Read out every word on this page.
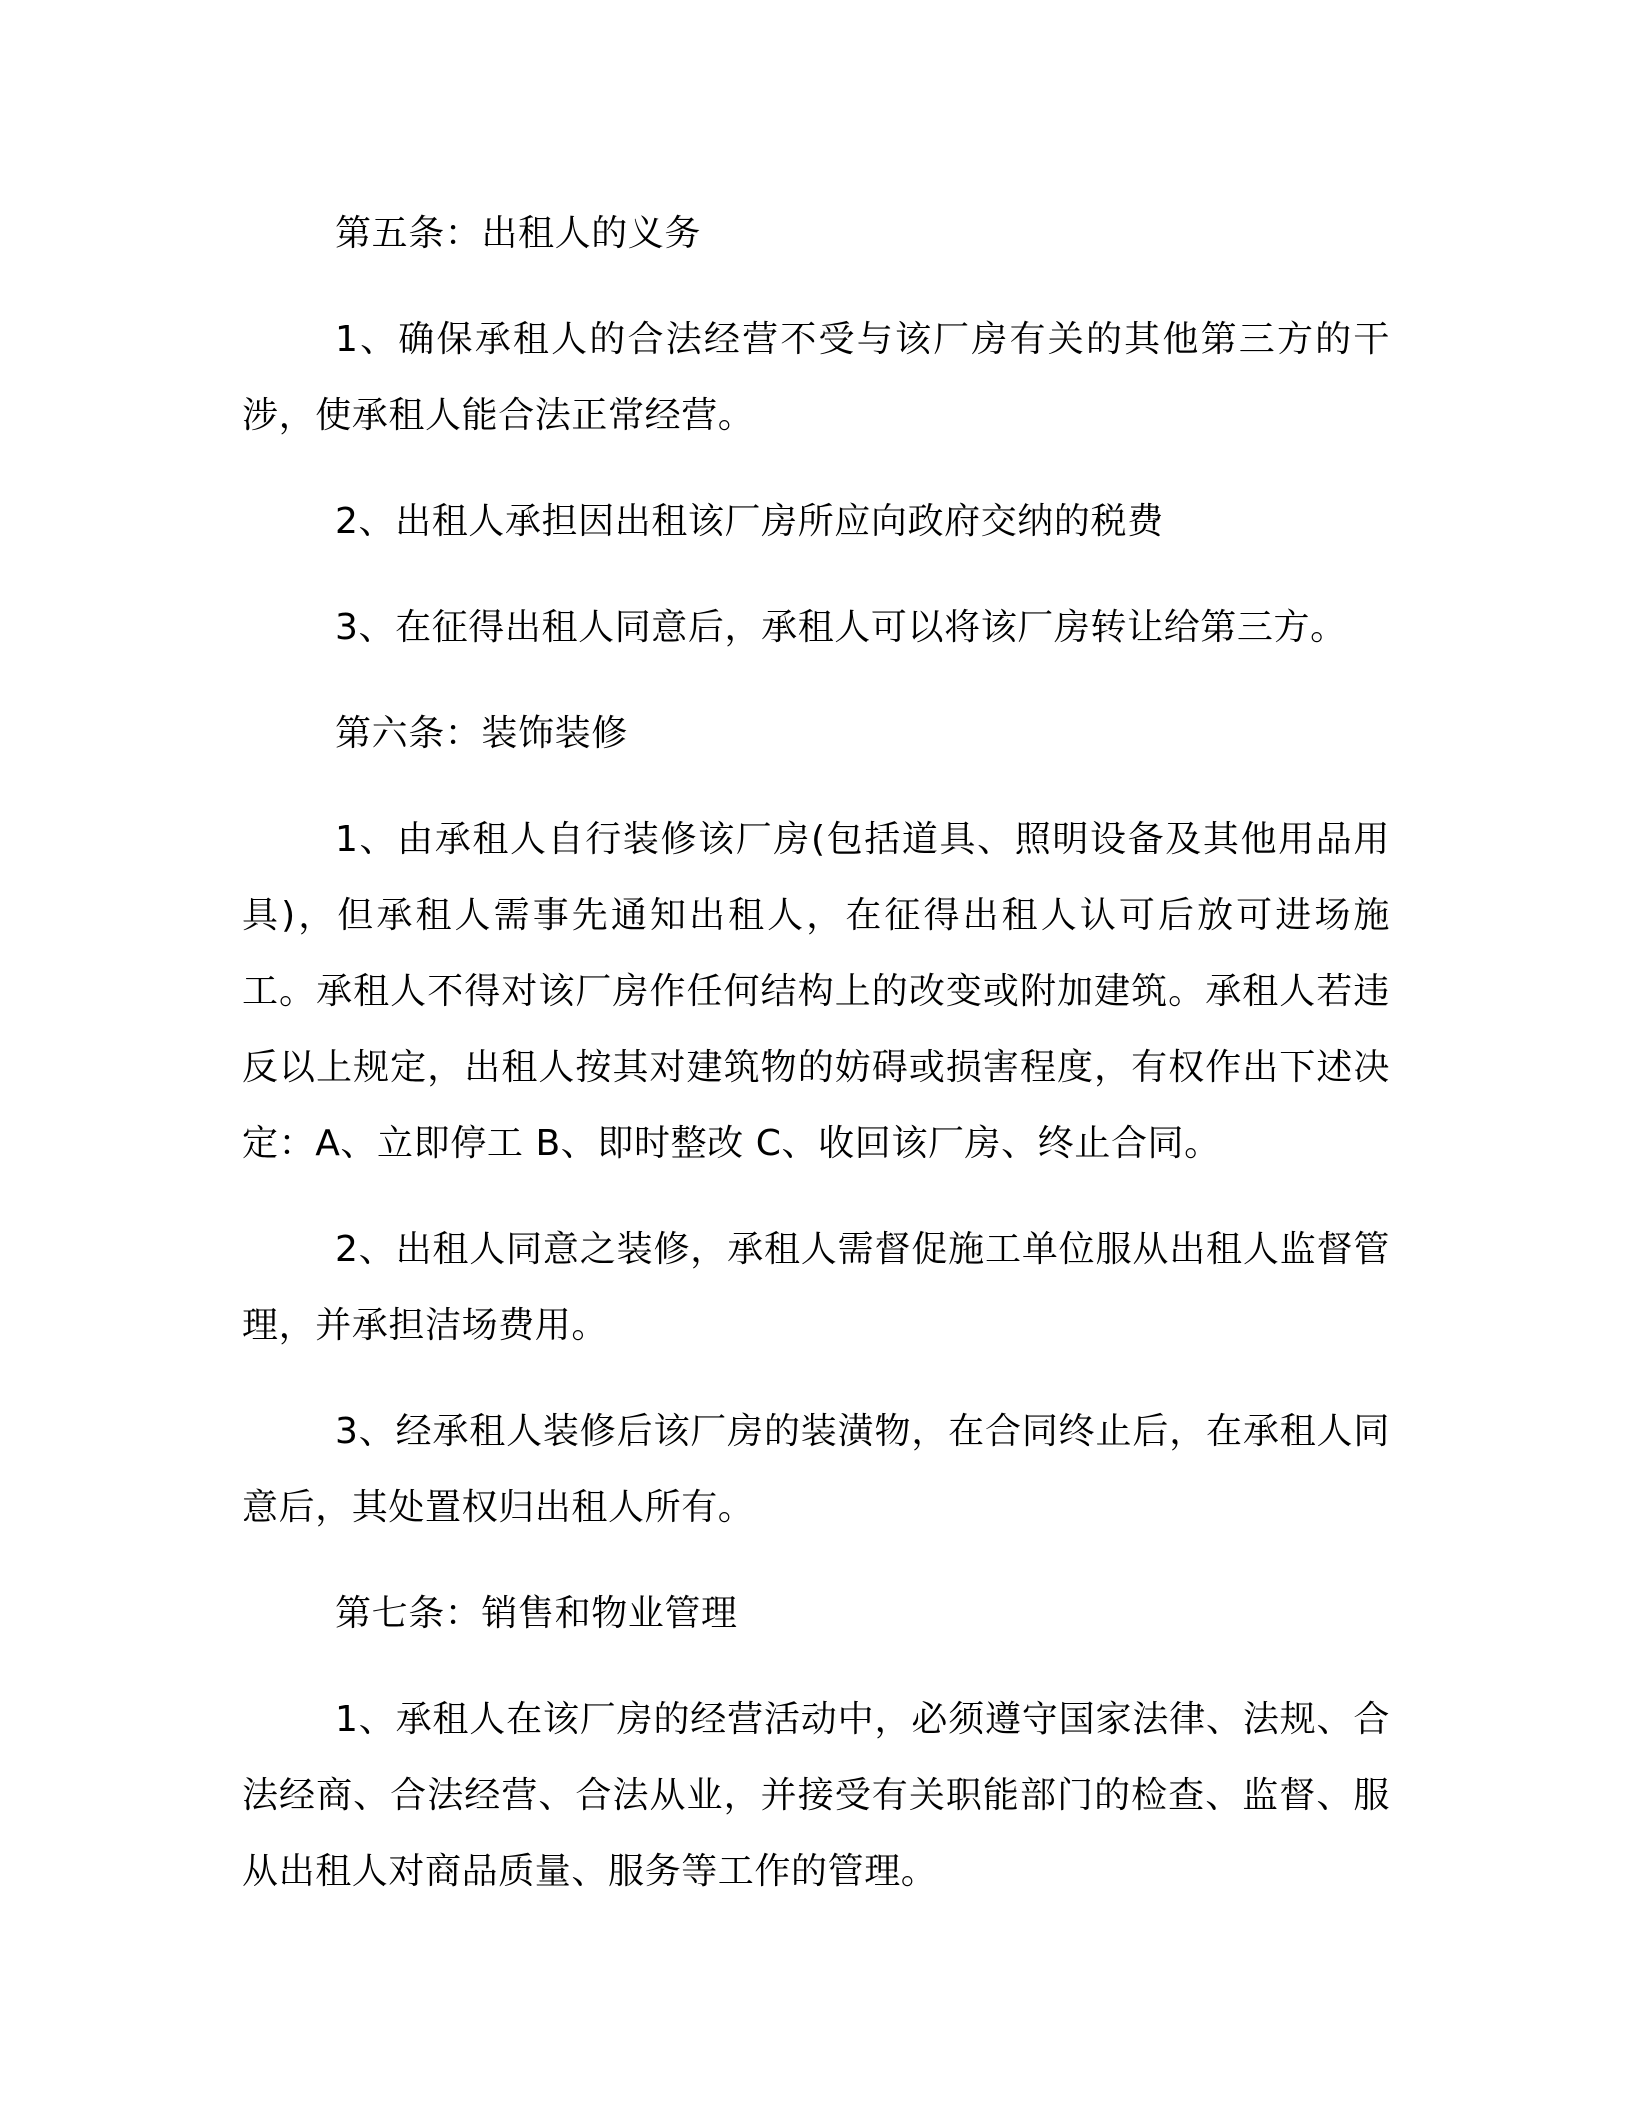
第五条：出租人的义务

1、确保承租人的合法经营不受与该厂房有关的其他第三方的干涉，使承租人能合法正常经营。

2、出租人承担因出租该厂房所应向政府交纳的税费

3、在征得出租人同意后，承租人可以将该厂房转让给第三方。

第六条：装饰装修

1、由承租人自行装修该厂房(包括道具、照明设备及其他用品用具)，但承租人需事先通知出租人，在征得出租人认可后放可进场施工。承租人不得对该厂房作任何结构上的改变或附加建筑。承租人若违反以上规定，出租人按其对建筑物的妨碍或损害程度，有权作出下述决定：A、立即停工 B、即时整改 C、收回该厂房、终止合同。

2、出租人同意之装修，承租人需督促施工单位服从出租人监督管理，并承担洁场费用。

3、经承租人装修后该厂房的装潢物，在合同终止后，在承租人同意后，其处置权归出租人所有。

第七条：销售和物业管理

1、承租人在该厂房的经营活动中，必须遵守国家法律、法规、合法经商、合法经营、合法从业，并接受有关职能部门的检查、监督、服从出租人对商品质量、服务等工作的管理。
